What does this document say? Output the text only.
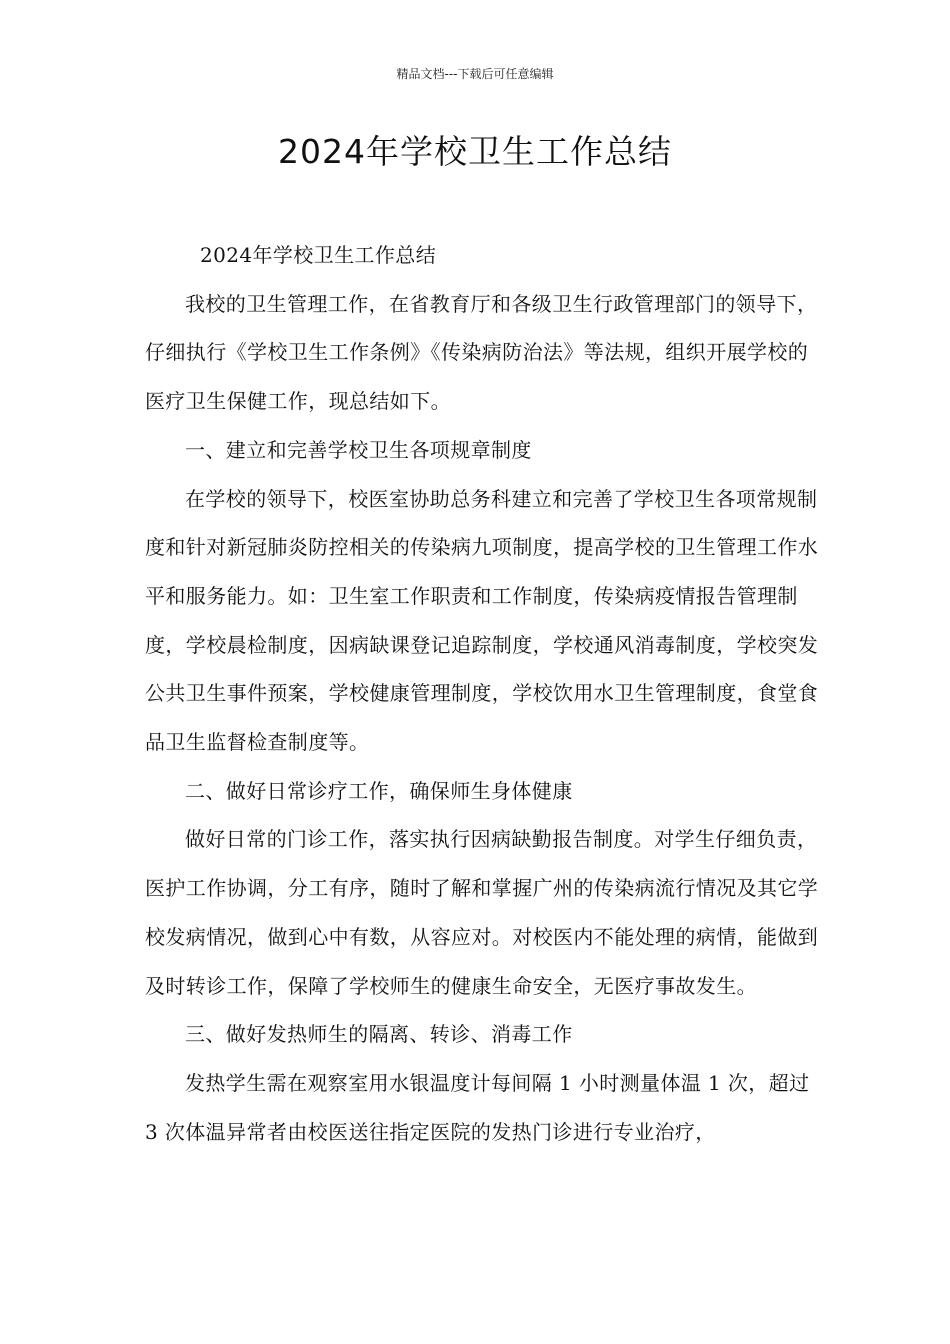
精品文档---下载后可任意编辑
2024年学校卫生工作总结

2024年学校卫生工作总结

我校的卫生管理工作，在省教育厅和各级卫生行政管理部门的领导下，仔细执行《学校卫生工作条例》《传染病防治法》等法规，组织开展学校的医疗卫生保健工作，现总结如下。

一、建立和完善学校卫生各项规章制度

在学校的领导下，校医室协助总务科建立和完善了学校卫生各项常规制度和针对新冠肺炎防控相关的传染病九项制度，提高学校的卫生管理工作水平和服务能力。如：卫生室工作职责和工作制度，传染病疫情报告管理制度，学校晨检制度，因病缺课登记追踪制度，学校通风消毒制度，学校突发公共卫生事件预案，学校健康管理制度，学校饮用水卫生管理制度，食堂食品卫生监督检查制度等。

二、做好日常诊疗工作，确保师生身体健康

做好日常的门诊工作，落实执行因病缺勤报告制度。对学生仔细负责，医护工作协调，分工有序，随时了解和掌握广州的传染病流行情况及其它学校发病情况，做到心中有数，从容应对。对校医内不能处理的病情，能做到及时转诊工作，保障了学校师生的健康生命安全，无医疗事故发生。

三、做好发热师生的隔离、转诊、消毒工作

发热学生需在观察室用水银温度计每间隔 1 小时测量体温 1 次，超过 3 次体温异常者由校医送往指定医院的发热门诊进行专业治疗，
